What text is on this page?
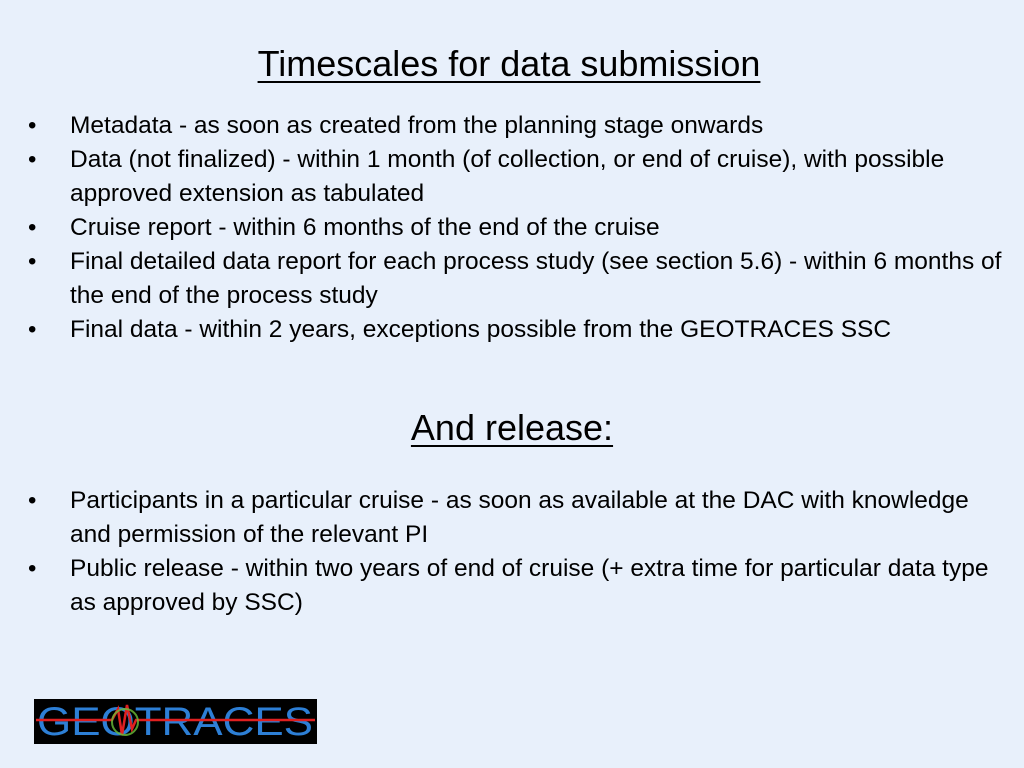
Timescales for data submission
• Metadata - as soon as created from the planning stage onwards
• Data (not finalized) - within 1 month (of collection, or end of cruise), with possible approved extension as tabulated
• Cruise report - within 6 months of the end of the cruise
• Final detailed data report for each process study (see section 5.6) - within 6 months of the end of the process study
• Final data - within 2 years, exceptions possible from the GEOTRACES SSC
And release:
• Participants in a particular cruise - as soon as available at the DAC with knowledge and permission of the relevant PI
• Public release - within two years of end of cruise (+ extra time for particular data type as approved by SSC)
GEOTRACES
